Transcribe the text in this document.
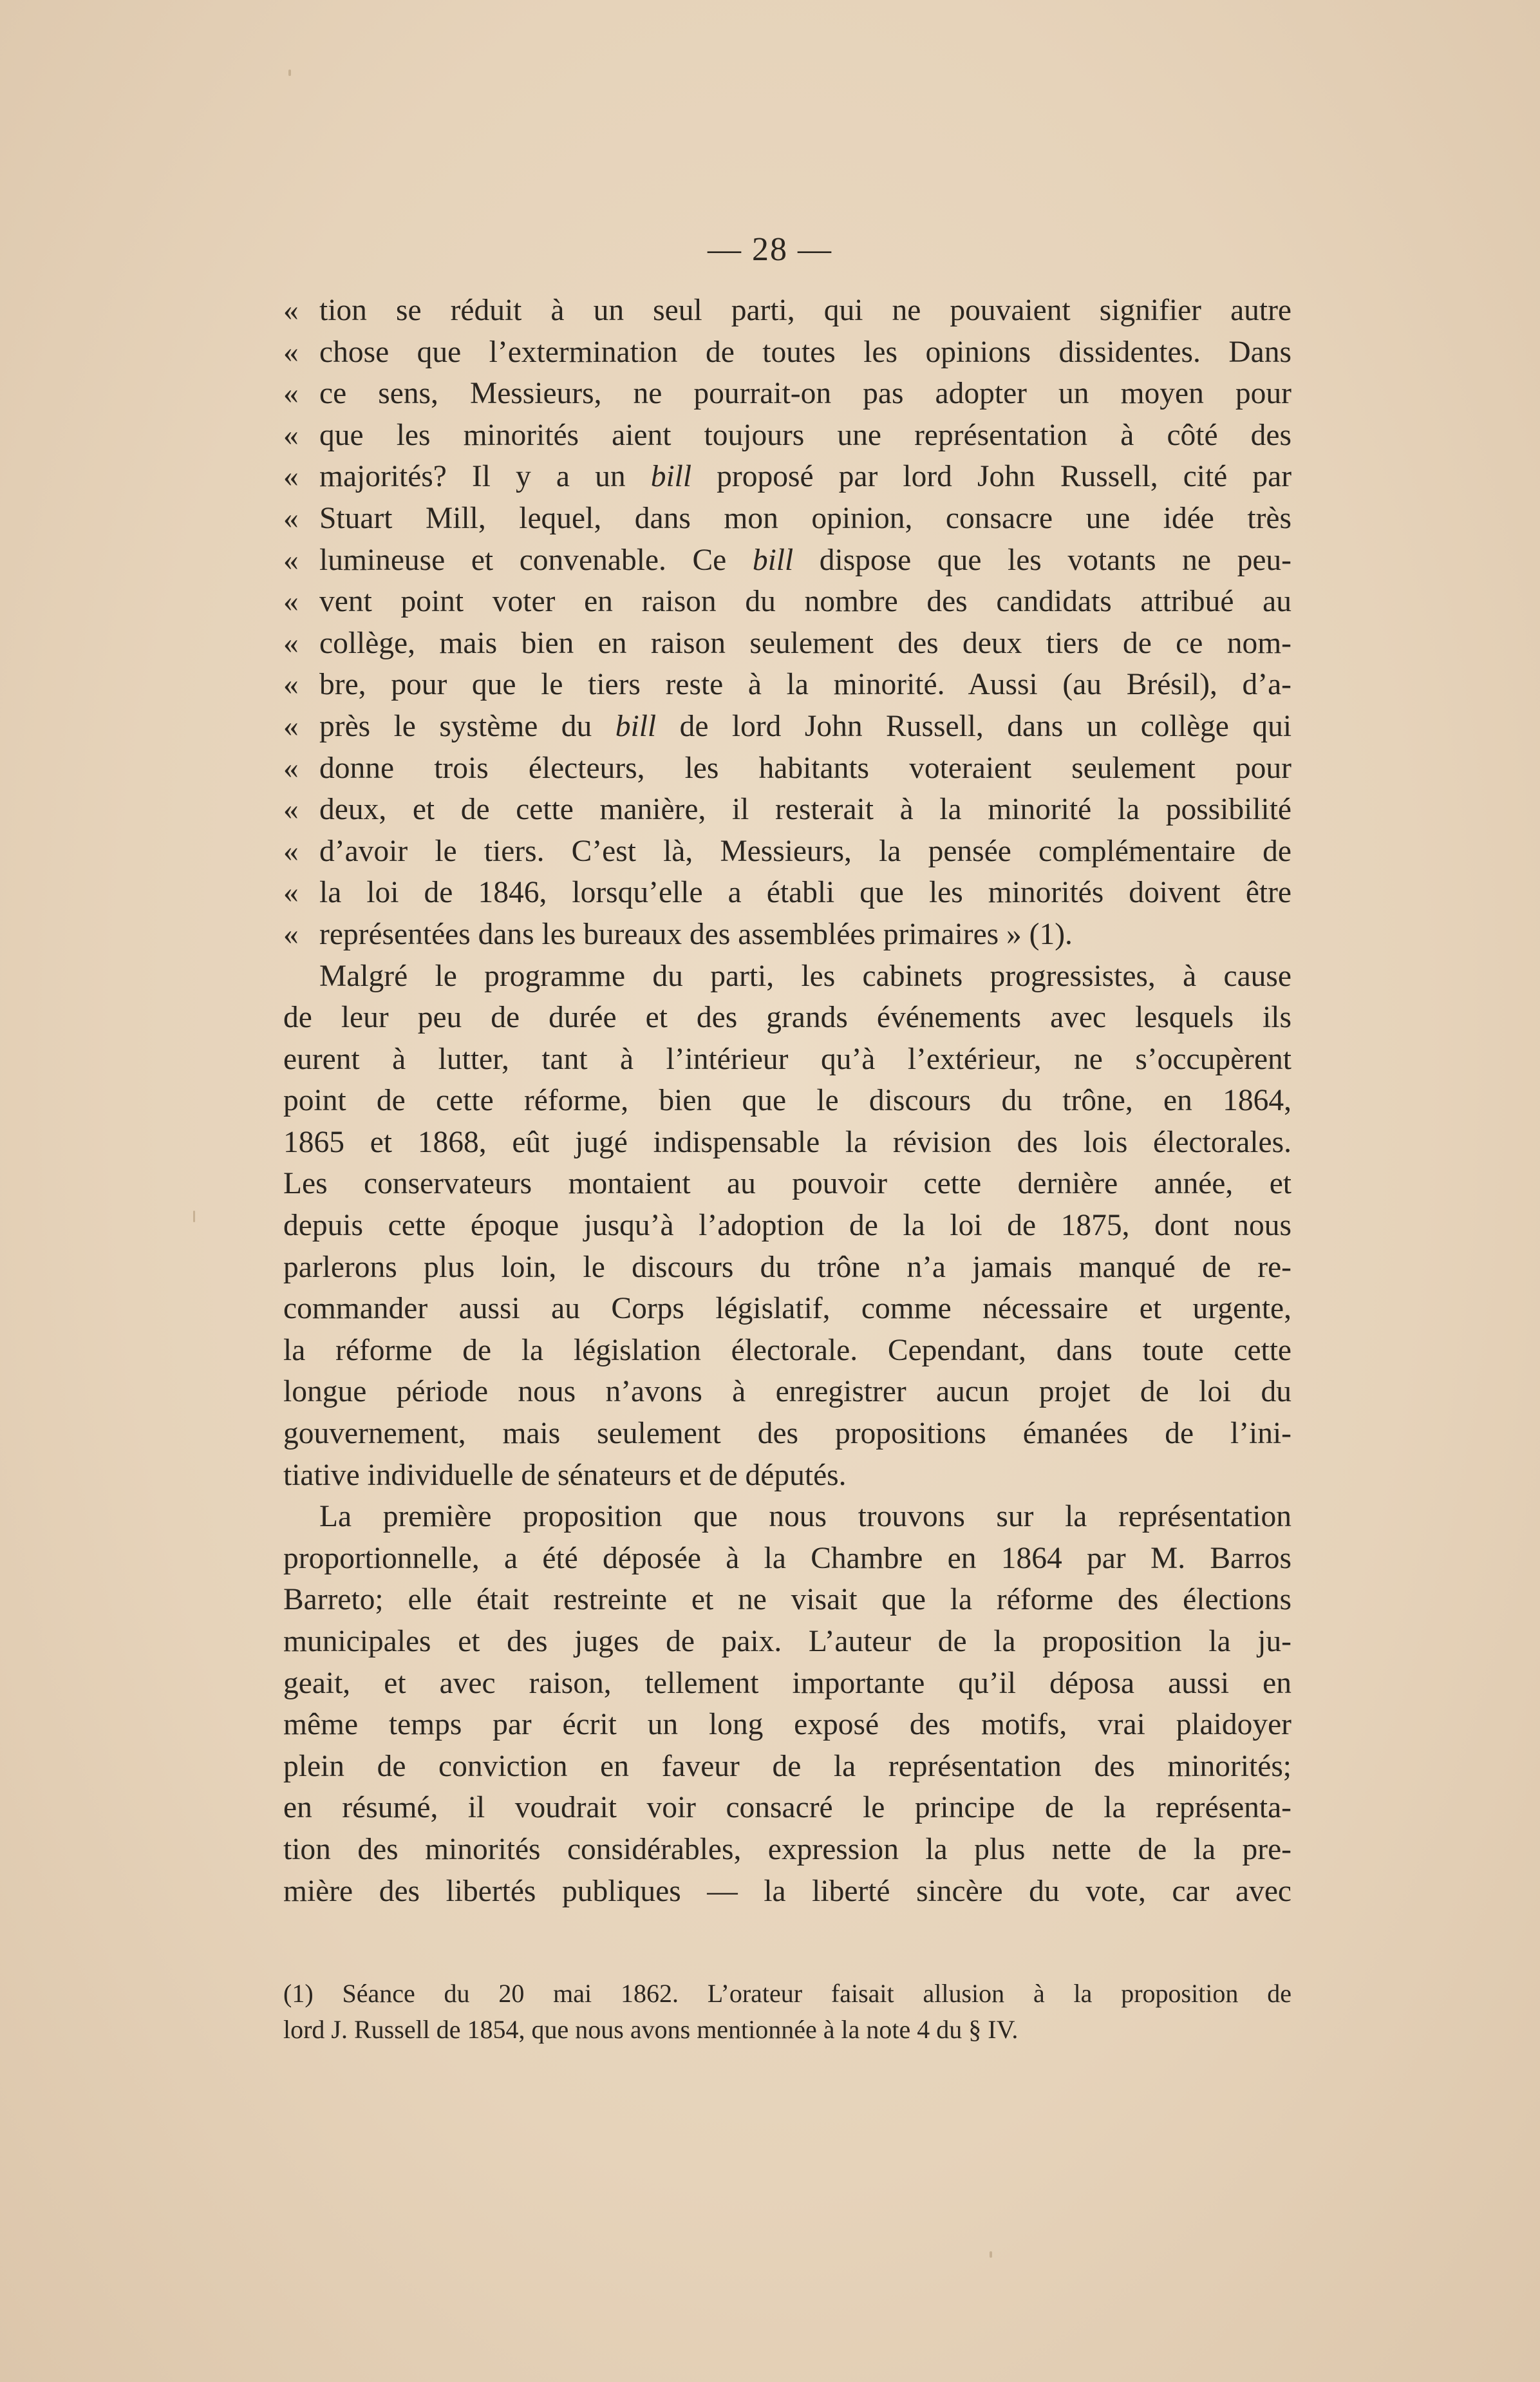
— 28 —
« tion se réduit à un seul parti, qui ne pouvaient signifier autre
« chose que l’extermination de toutes les opinions dissidentes. Dans
« ce sens, Messieurs, ne pourrait-on pas adopter un moyen pour
« que les minorités aient toujours une représentation à côté des
« majorités? Il y a un bill proposé par lord John Russell, cité par
« Stuart Mill, lequel, dans mon opinion, consacre une idée très
« lumineuse et convenable. Ce bill dispose que les votants ne peu-
« vent point voter en raison du nombre des candidats attribué au
« collège, mais bien en raison seulement des deux tiers de ce nom-
« bre, pour que le tiers reste à la minorité. Aussi (au Brésil), d’a-
« près le système du bill de lord John Russell, dans un collège qui
« donne trois électeurs, les habitants voteraient seulement pour
« deux, et de cette manière, il resterait à la minorité la possibilité
« d’avoir le tiers. C’est là, Messieurs, la pensée complémentaire de
« la loi de 1846, lorsqu’elle a établi que les minorités doivent être
« représentées dans les bureaux des assemblées primaires » (1).
Malgré le programme du parti, les cabinets progressistes, à cause
de leur peu de durée et des grands événements avec lesquels ils
eurent à lutter, tant à l’intérieur qu’à l’extérieur, ne s’occupèrent
point de cette réforme, bien que le discours du trône, en 1864,
1865 et 1868, eût jugé indispensable la révision des lois électorales.
Les conservateurs montaient au pouvoir cette dernière année, et
depuis cette époque jusqu’à l’adoption de la loi de 1875, dont nous
parlerons plus loin, le discours du trône n’a jamais manqué de re-
commander aussi au Corps législatif, comme nécessaire et urgente,
la réforme de la législation électorale. Cependant, dans toute cette
longue période nous n’avons à enregistrer aucun projet de loi du
gouvernement, mais seulement des propositions émanées de l’ini-
tiative individuelle de sénateurs et de députés.
La première proposition que nous trouvons sur la représentation
proportionnelle, a été déposée à la Chambre en 1864 par M. Barros
Barreto; elle était restreinte et ne visait que la réforme des élections
municipales et des juges de paix. L’auteur de la proposition la ju-
geait, et avec raison, tellement importante qu’il déposa aussi en
même temps par écrit un long exposé des motifs, vrai plaidoyer
plein de conviction en faveur de la représentation des minorités;
en résumé, il voudrait voir consacré le principe de la représenta-
tion des minorités considérables, expression la plus nette de la pre-
mière des libertés publiques — la liberté sincère du vote, car avec
(1) Séance du 20 mai 1862. L’orateur faisait allusion à la proposition de
lord J. Russell de 1854, que nous avons mentionnée à la note 4 du § IV.
